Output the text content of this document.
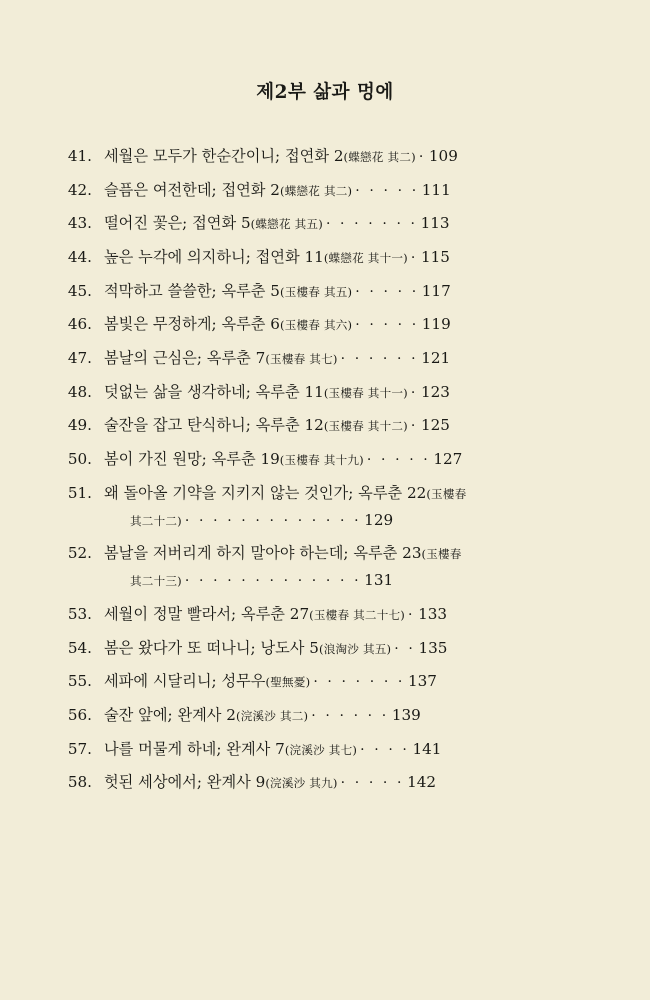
제2부 삶과 멍에
41. 세월은 모두가 한순간이니; 접연화 2(蝶戀花 其二) · 109
42. 슬픔은 여전한데; 접연화 2(蝶戀花 其二) · · · · · 111
43. 떨어진 꽃은; 접연화 5(蝶戀花 其五) · · · · · · · 113
44. 높은 누각에 의지하니; 접연화 11(蝶戀花 其十一) · 115
45. 적막하고 쓸쓸한; 옥루춘 5(玉樓春 其五) · · · · · 117
46. 봄빛은 무정하게; 옥루춘 6(玉樓春 其六) · · · · · 119
47. 봄날의 근심은; 옥루춘 7(玉樓春 其七) · · · · · · 121
48. 덧없는 삶을 생각하네; 옥루춘 11(玉樓春 其十一) · 123
49. 술잔을 잡고 탄식하니; 옥루춘 12(玉樓春 其十二) · 125
50. 봄이 가진 원망; 옥루춘 19(玉樓春 其十九) · · · · · 127
51. 왜 돌아올 기약을 지키지 않는 것인가; 옥루춘 22(玉樓春
其二十二) · · · · · · · · · · · · · 129
52. 봄날을 저버리게 하지 말아야 하는데; 옥루춘 23(玉樓春
其二十三) · · · · · · · · · · · · · 131
53. 세월이 정말 빨라서; 옥루춘 27(玉樓春 其二十七) · 133
54. 봄은 왔다가 또 떠나니; 낭도사 5(浪淘沙 其五) · · 135
55. 세파에 시달리니; 성무우(聖無憂) · · · · · · · 137
56. 술잔 앞에; 완계사 2(浣溪沙 其二) · · · · · · 139
57. 나를 머물게 하네; 완계사 7(浣溪沙 其七) · · · · 141
58. 헛된 세상에서; 완계사 9(浣溪沙 其九) · · · · · 142
